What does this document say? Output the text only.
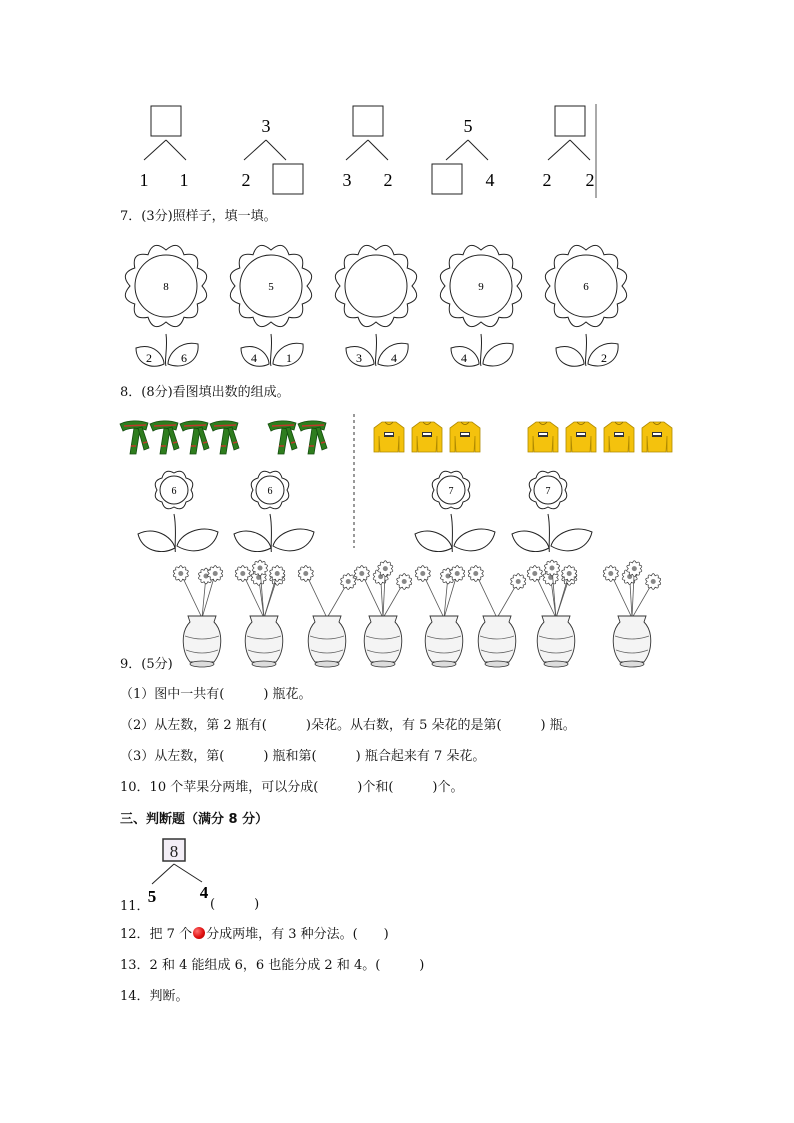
1 1
3
2	3 2
5
4	2 2
7．(3分)照样子，填一填。
8
2 6
5
4 1	3 4
9
4
6
2
8．(8分)看图填出数的组成。
6	6	7	7
9．(5分)
（1）图中一共有(　　　) 瓶花。
（2）从左数，第 2 瓶有(　　　)朵花。从右数，有 5 朵花的是第(　　　) 瓶。
（3）从左数，第(　　　) 瓶和第(　　　) 瓶合起来有 7 朵花。
10．10 个苹果分两堆，可以分成(　　　)个和(　　　)个。
三、判断题（满分 8 分）
8
5	4
11．	(　　　)
12．把 7 个 分成两堆，有 3 种分法。(　　)
13．2 和 4 能组成 6，6 也能分成 2 和 4。(　　　)
14．判断。
